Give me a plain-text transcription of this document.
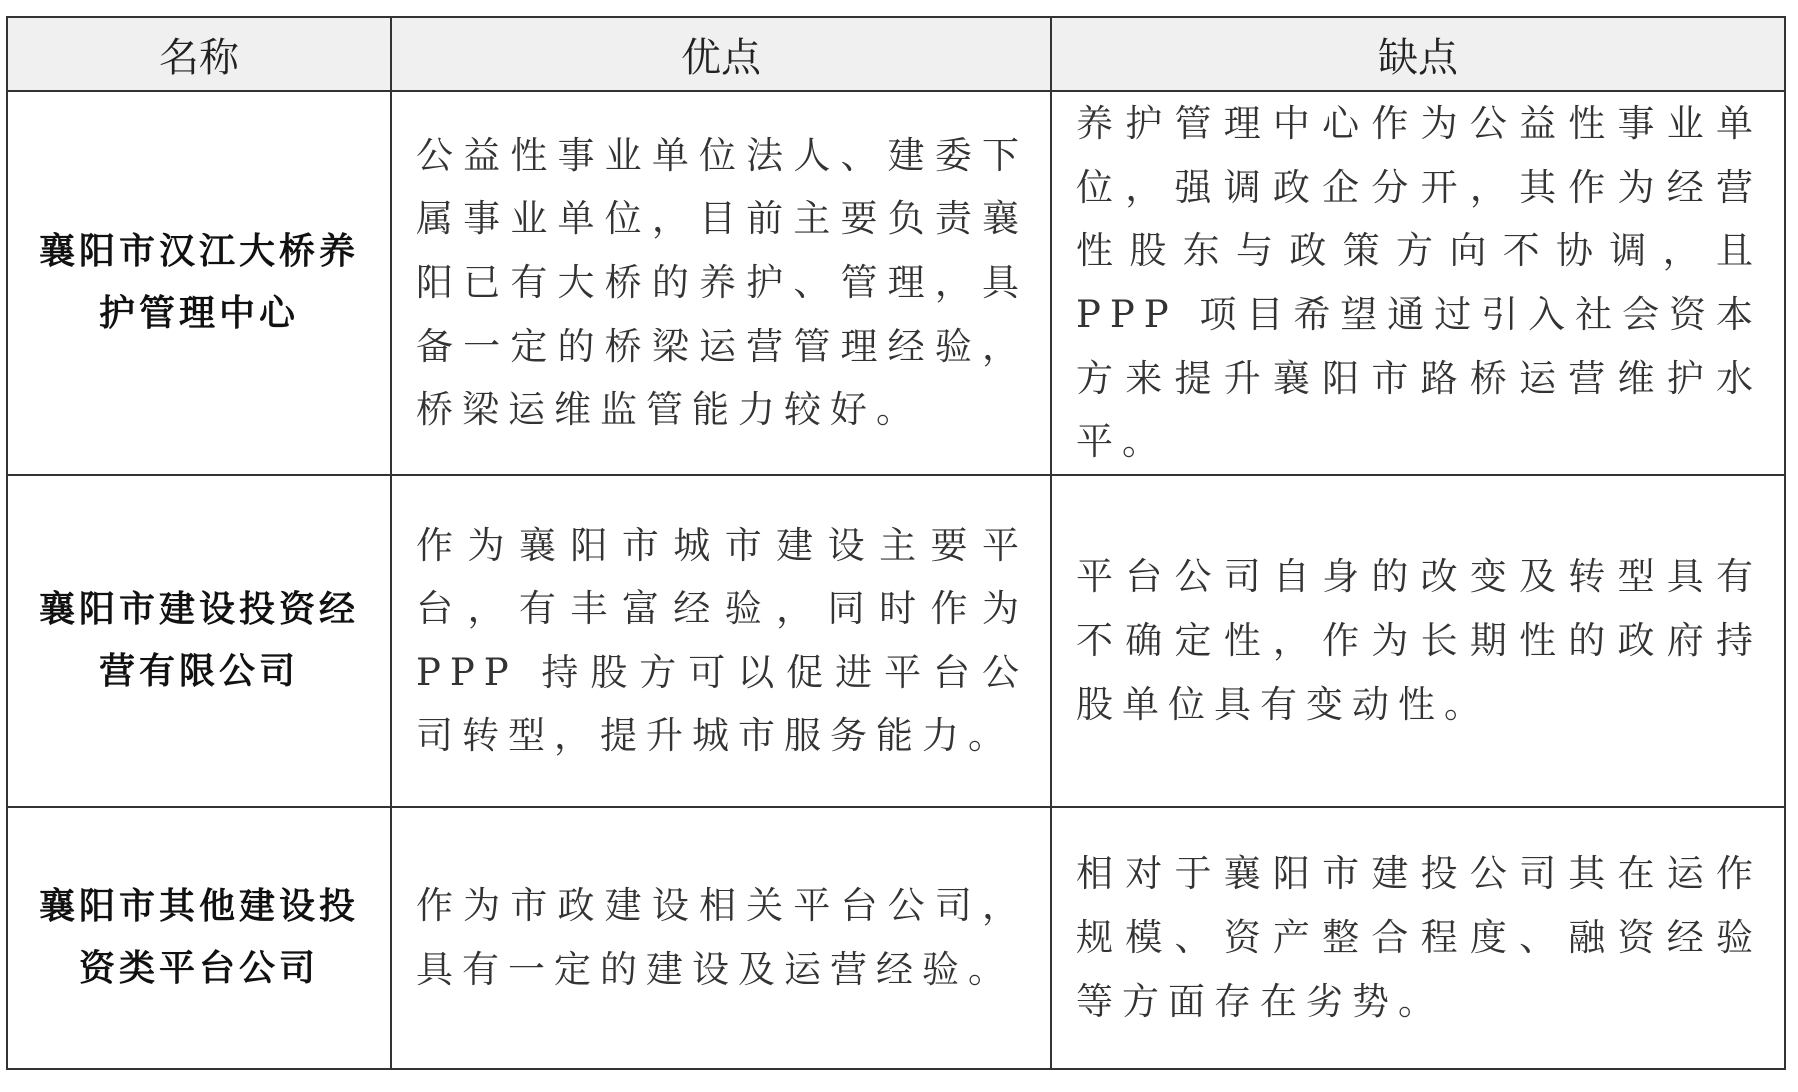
名称	优点	缺点
襄阳市汉江大桥养护管理中心	公益性事业单位法人、建委下属事业单位，目前主要负责襄阳已有大桥的养护、管理，具备一定的桥梁运营管理经验，桥梁运维监管能力较好。	养护管理中心作为公益性事业单位，强调政企分开，其作为经营性股东与政策方向不协调，且 PPP 项目希望通过引入社会资本方来提升襄阳市路桥运营维护水平。
襄阳市建设投资经营有限公司	作为襄阳市城市建设主要平台，有丰富经验，同时作为 PPP 持股方可以促进平台公司转型，提升城市服务能力。	平台公司自身的改变及转型具有不确定性，作为长期性的政府持股单位具有变动性。
襄阳市其他建设投资类平台公司	作为市政建设相关平台公司，具有一定的建设及运营经验。	相对于襄阳市建投公司其在运作规模、资产整合程度、融资经验等方面存在劣势。
